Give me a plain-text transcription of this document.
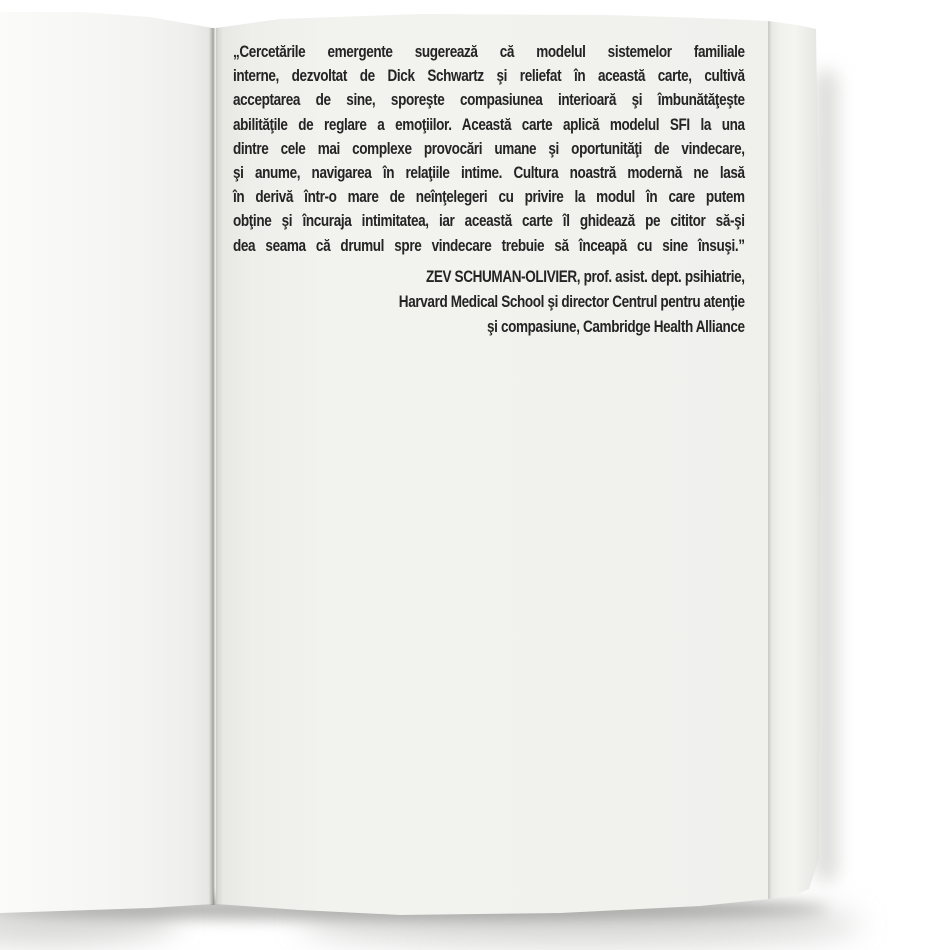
„Cercetările emergente sugerează că modelul sistemelor familiale
interne, dezvoltat de Dick Schwartz şi reliefat în această carte, cultivă
acceptarea de sine, sporeşte compasiunea interioară şi îmbunătăţeşte
abilităţile de reglare a emoţiilor. Această carte aplică modelul SFI la una
dintre cele mai complexe provocări umane şi oportunităţi de vindecare,
şi anume, navigarea în relaţiile intime. Cultura noastră modernă ne lasă
în derivă într-o mare de neînţelegeri cu privire la modul în care putem
obţine şi încuraja intimitatea, iar această carte îl ghidează pe cititor să-şi
dea seama că drumul spre vindecare trebuie să înceapă cu sine însuşi.”
ZEV SCHUMAN-OLIVIER, prof. asist. dept. psihiatrie,
Harvard Medical School şi director Centrul pentru atenţie
şi compasiune, Cambridge Health Alliance
